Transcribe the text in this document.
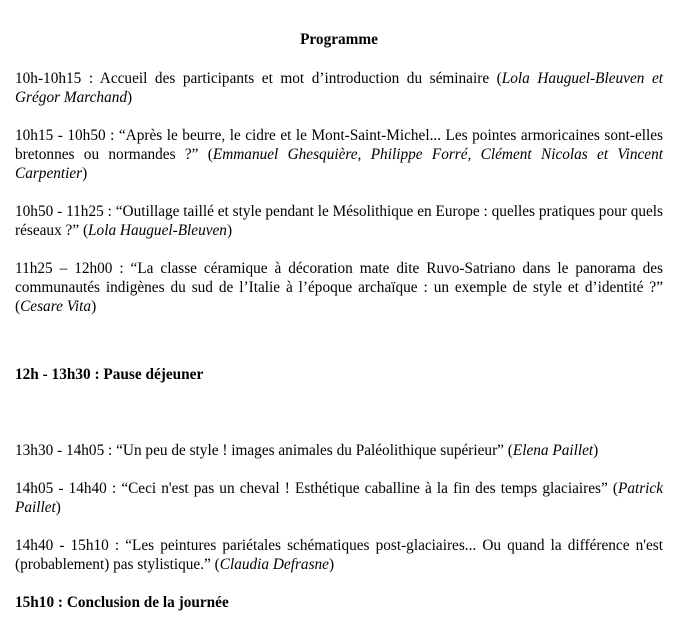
Programme

10h-10h15 : Accueil des participants et mot d’introduction du séminaire (Lola Hauguel-Bleuven et Grégor Marchand)

10h15 - 10h50 : “Après le beurre, le cidre et le Mont-Saint-Michel... Les pointes armoricaines sont-elles bretonnes ou normandes ?” (Emmanuel Ghesquière, Philippe Forré, Clément Nicolas et Vincent Carpentier)

10h50 - 11h25 : “Outillage taillé et style pendant le Mésolithique en Europe : quelles pratiques pour quels réseaux ?” (Lola Hauguel-Bleuven)

11h25 – 12h00 : “La classe céramique à décoration mate dite Ruvo-Satriano dans le panorama des communautés indigènes du sud de l’Italie à l’époque archaïque : un exemple de style et d’identité ?” (Cesare Vita)

12h - 13h30 : Pause déjeuner

13h30 - 14h05 : “Un peu de style ! images animales du Paléolithique supérieur” (Elena Paillet)

14h05 - 14h40 : “Ceci n'est pas un cheval ! Esthétique caballine à la fin des temps glaciaires” (Patrick Paillet)

14h40 - 15h10 : “Les peintures pariétales schématiques post-glaciaires... Ou quand la différence n'est (probablement) pas stylistique.” (Claudia Defrasne)

15h10 : Conclusion de la journée
